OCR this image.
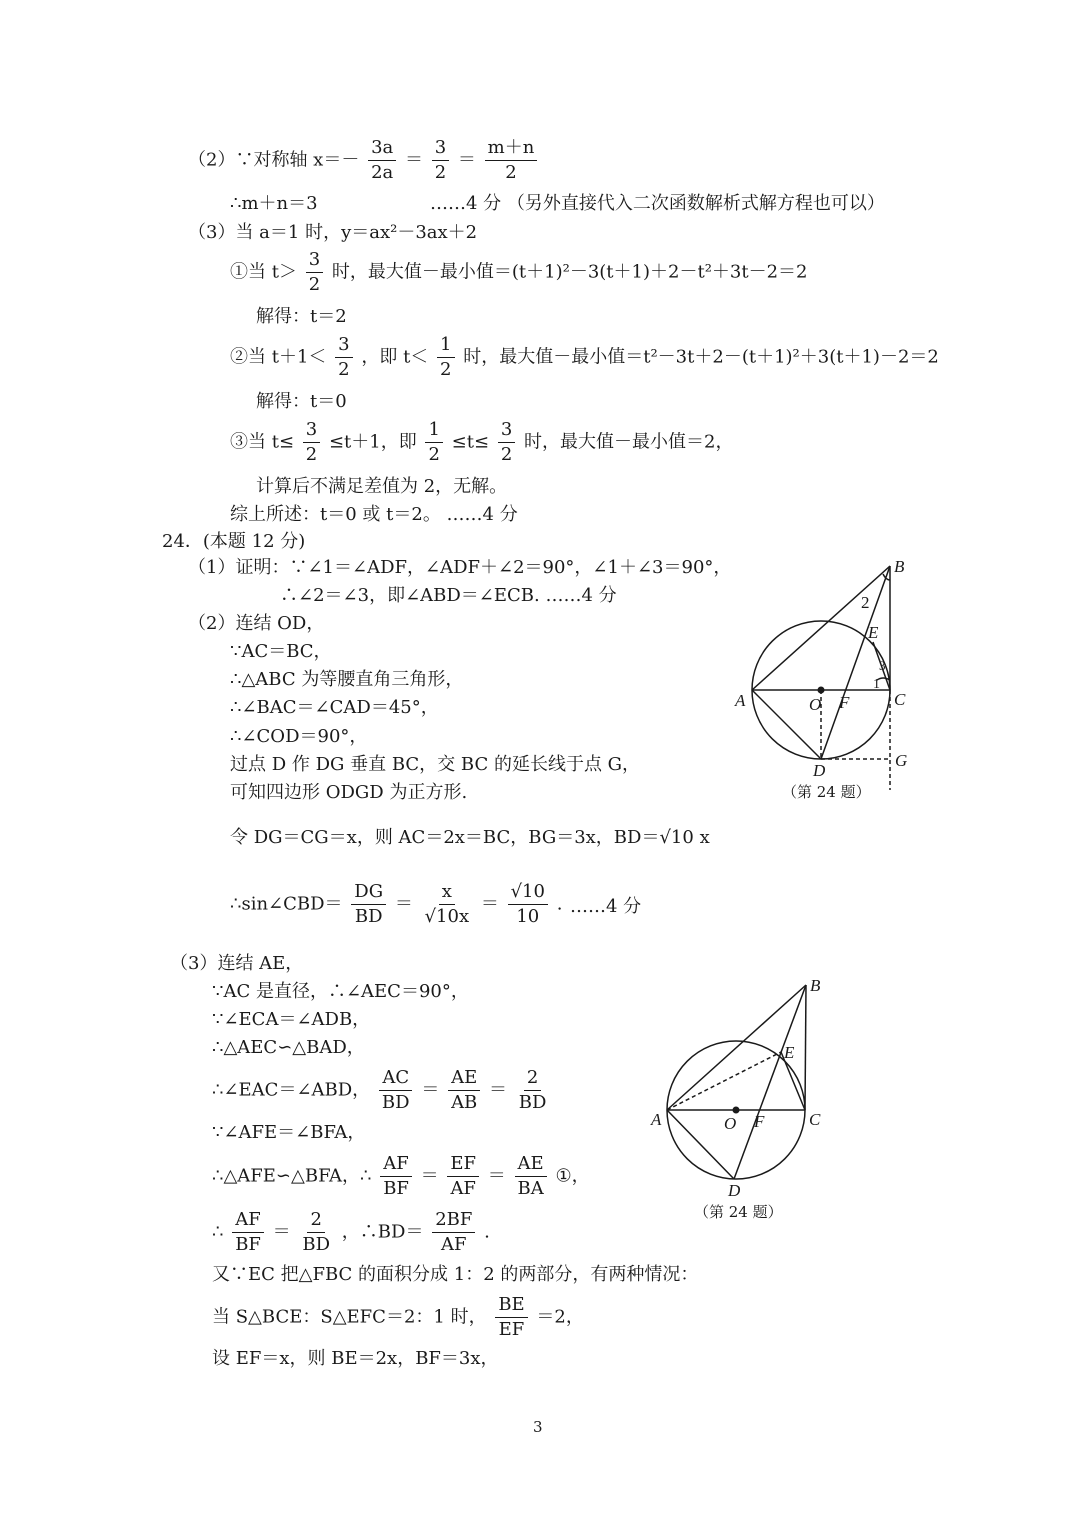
（2）∵对称轴 $x=- \frac{3a}{2a} = \frac{3}{2} = \frac{m+n}{2}$
∴m＋n＝3	……4 分 （另外直接代入二次函数解析式解方程也可以）
（3）当 a＝1 时，y＝ax²－3ax＋2
①当 $t> \frac{3}{2}$ 时，最大值－最小值＝(t＋1)²－3(t＋1)＋2－t²＋3t－2＝2
解得：t＝2
②当 $t+1< \frac{3}{2}$ ，即 $t< \frac{1}{2}$ 时，最大值－最小值＝t²－3t＋2－(t＋1)²＋3(t＋1)－2＝2
解得：t＝0
③当 $t\le \frac{3}{2} \le t+1$，即 $\frac{1}{2} \le t\le \frac{3}{2}$ 时，最大值－最小值＝2，
计算后不满足差值为 2，无解。
综上所述：t＝0 或 t＝2。 ……4 分
24．(本题 12 分)
（1）证明：∵∠1＝∠ADF，∠ADF＋∠2＝90°，∠1＋∠3＝90°，
∴∠2＝∠3，即∠ABD＝∠ECB. ……4 分
（2）连结 OD，
∵AC＝BC，
∴△ABC 为等腰直角三角形，
∴∠BAC＝∠CAD＝45°，
∴∠COD＝90°，
过点 D 作 DG 垂直 BC，交 BC 的延长线于点 G，
可知四边形 ODGD 为正方形.
令 DG＝CG＝x，则 AC＝2x＝BC，BG＝3x，BD＝√10 x
∴sin∠CBD＝ $\frac{DG}{BD} = \frac{x}{√10x} = \frac{√10}{10}$ . ……4 分
（3）连结 AE，
∵AC 是直径，∴∠AEC＝90°，
∵∠ECA＝∠ADB，
∴△AEC∽△BAD，
∴∠EAC＝∠ABD， $\frac{AC}{BD} = \frac{AE}{AB} = \frac{2}{BD}$
∵∠AFE＝∠BFA，
∴△AFE∽△BFA，∴ $\frac{AF}{BF} = \frac{EF}{AF} = \frac{AE}{BA}$ ①，
∴ $\frac{AF}{BF} = \frac{2}{BD}$ ，∴BD＝ $\frac{2BF}{AF}$ .
又∵EC 把△FBC 的面积分成 1：2 的两部分，有两种情况：
当 S△BCE：S△EFC＝2：1 时， $\frac{BE}{EF} =2$，
设 EF＝x，则 BE＝2x，BF＝3x，
B
2
E
3
1
A	O F	C
D
G
（第 24 题）
B
E
A	O F	C
D
（第 24 题）
3
